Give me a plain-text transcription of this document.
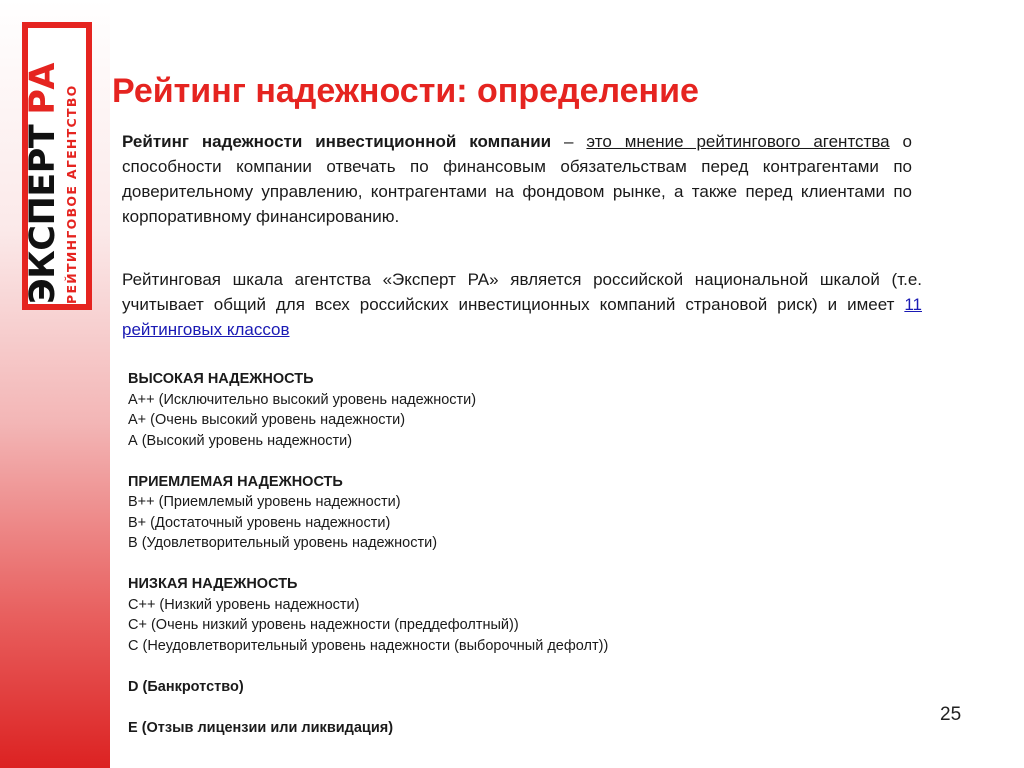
ЭКСПЕРТ
РА РЕЙТИНГОВОЕ АГЕНТСТВО Рейтинг надежности: определение

Рейтинг надежности инвестиционной компании – это мнение рейтингового агентства о способности компании отвечать по финансовым обязательствам перед контрагентами по доверительному управлению, контрагентами на фондовом рынке, а также перед клиентами по корпоративному финансированию.

Рейтинговая шкала агентства «Эксперт РА» является российской национальной шкалой (т.е. учитывает общий для всех российских инвестиционных компаний страновой риск) и имеет 11 рейтинговых классов

ВЫСОКАЯ НАДЕЖНОСТЬ
А++ (Исключительно высокий уровень надежности)
А+ (Очень высокий уровень надежности)
А (Высокий уровень надежности)
ПРИЕМЛЕМАЯ НАДЕЖНОСТЬ
В++ (Приемлемый уровень надежности)
В+ (Достаточный уровень надежности)
В (Удовлетворительный уровень надежности)
НИЗКАЯ НАДЕЖНОСТЬ
С++ (Низкий уровень надежности)
С+ (Очень низкий уровень надежности (преддефолтный))
С (Неудовлетворительный уровень надежности (выборочный дефолт))
D (Банкротство)
Е (Отзыв лицензии или ликвидация)
25
